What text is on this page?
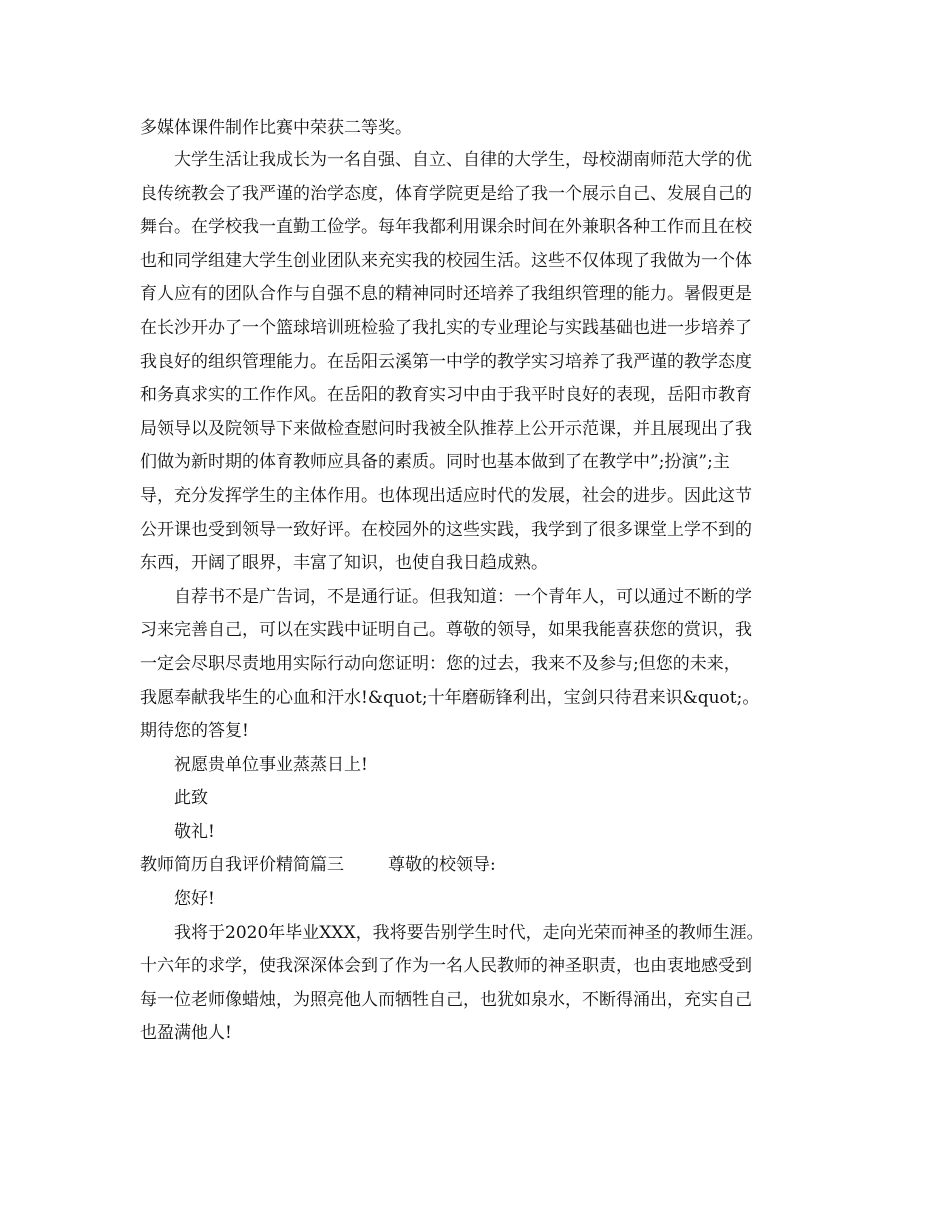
多媒体课件制作比赛中荣获二等奖。
大学生活让我成长为一名自强、自立、自律的大学生，母校湖南师范大学的优
良传统教会了我严谨的治学态度，体育学院更是给了我一个展示自己、发展自己的
舞台。在学校我一直勤工俭学。每年我都利用课余时间在外兼职各种工作而且在校
也和同学组建大学生创业团队来充实我的校园生活。这些不仅体现了我做为一个体
育人应有的团队合作与自强不息的精神同时还培养了我组织管理的能力。暑假更是
在长沙开办了一个篮球培训班检验了我扎实的专业理论与实践基础也进一步培养了
我良好的组织管理能力。在岳阳云溪第一中学的教学实习培养了我严谨的教学态度
和务真求实的工作作风。在岳阳的教育实习中由于我平时良好的表现，岳阳市教育
局领导以及院领导下来做检查慰问时我被全队推荐上公开示范课，并且展现出了我
们做为新时期的体育教师应具备的素质。同时也基本做到了在教学中”;扮演”;主
导，充分发挥学生的主体作用。也体现出适应时代的发展，社会的进步。因此这节
公开课也受到领导一致好评。在校园外的这些实践，我学到了很多课堂上学不到的
东西，开阔了眼界，丰富了知识，也使自我日趋成熟。
自荐书不是广告词，不是通行证。但我知道：一个青年人，可以通过不断的学
习来完善自己，可以在实践中证明自己。尊敬的领导，如果我能喜获您的赏识，我
一定会尽职尽责地用实际行动向您证明：您的过去，我来不及参与;但您的未来，
我愿奉献我毕生的心血和汗水!&quot;十年磨砺锋利出，宝剑只待君来识&quot;。
期待您的答复!
祝愿贵单位事业蒸蒸日上!
此致
敬礼!
教师简历自我评价精简篇三	尊敬的校领导:
您好!
我将于2020年毕业XXX，我将要告别学生时代，走向光荣而神圣的教师生涯。
十六年的求学，使我深深体会到了作为一名人民教师的神圣职责，也由衷地感受到
每一位老师像蜡烛，为照亮他人而牺牲自己，也犹如泉水，不断得涌出，充实自己
也盈满他人!
